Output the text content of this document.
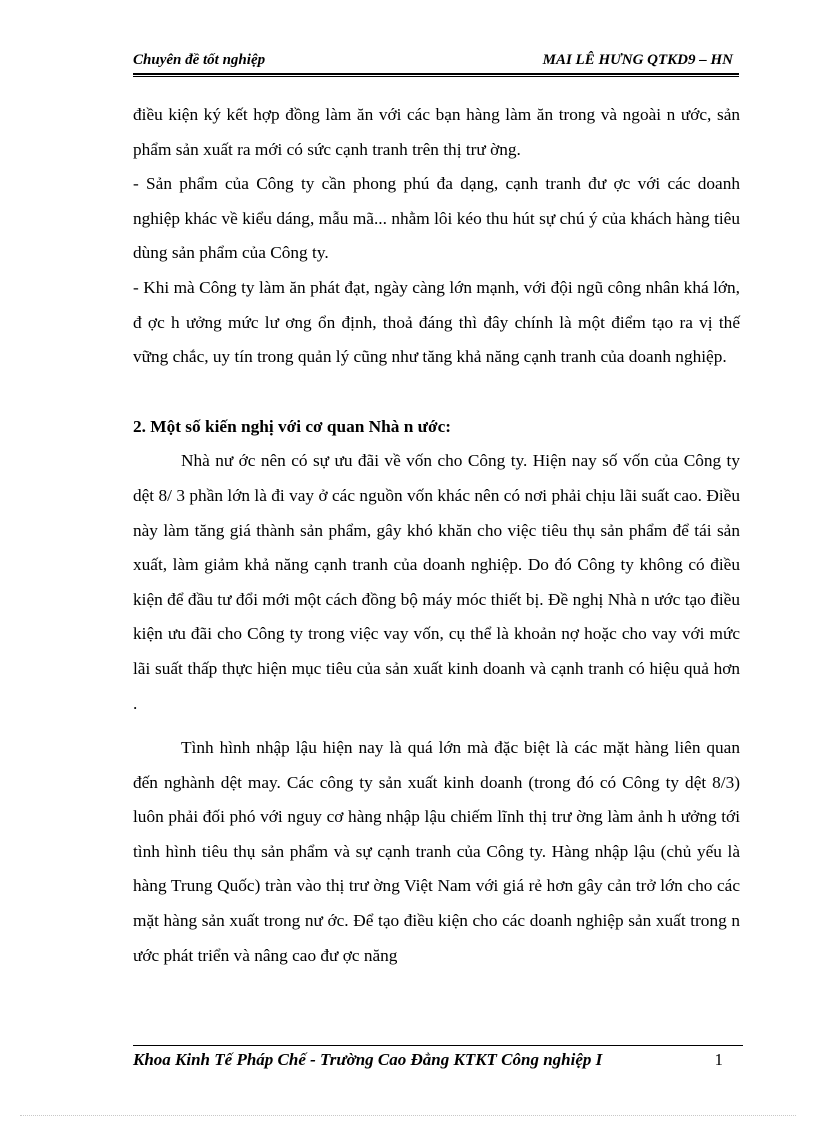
Chuyên đề tốt nghiệp	MAI LÊ HƯNG QTKD9 – HN

điều kiện ký kết hợp đồng làm ăn với các bạn hàng làm ăn trong và ngoài n ước, sản phẩm sản xuất ra mới có sức cạnh tranh trên thị trư ờng.

- Sản phẩm của Công ty cần phong phú đa dạng, cạnh tranh đư ợc với các doanh nghiệp khác về kiểu dáng, mẫu mã... nhằm lôi kéo thu hút sự chú ý của khách hàng tiêu dùng sản phẩm của Công ty.

- Khi mà Công ty làm ăn phát đạt, ngày càng lớn mạnh, với đội ngũ công nhân khá lớn, đ ợc h ưởng mức lư ơng ổn định, thoả đáng thì đây chính là một điểm tạo ra vị thế vững chắc, uy tín trong quản lý cũng như tăng khả năng cạnh tranh của doanh nghiệp.

2. Một số kiến nghị với cơ quan Nhà n ước:

Nhà nư ớc nên có sự ưu đãi về vốn cho Công ty. Hiện nay số vốn của Công ty dệt 8/ 3 phần lớn là đi vay ở các nguồn vốn khác nên có nơi phải chịu lãi suất cao. Điều này làm tăng giá thành sản phẩm, gây khó khăn cho việc tiêu thụ sản phẩm để tái sản xuất, làm giảm khả năng cạnh tranh của doanh nghiệp. Do đó Công ty không có điều kiện để đầu tư đổi mới một cách đồng bộ máy móc thiết bị. Đề nghị Nhà n ước tạo điều kiện ưu đãi cho Công ty trong việc vay vốn, cụ thể là khoản nợ hoặc cho vay với mức lãi suất thấp thực hiện mục tiêu của sản xuất kinh doanh và cạnh tranh có hiệu quả hơn .

Tình hình nhập lậu hiện nay là quá lớn mà đặc biệt là các mặt hàng liên quan đến nghành dệt may. Các công ty sản xuất kinh doanh (trong đó có Công ty dệt 8/3) luôn phải đối phó với nguy cơ hàng nhập lậu chiếm lĩnh thị trư ờng làm ảnh h ưởng tới tình hình tiêu thụ sản phẩm và sự cạnh tranh của Công ty. Hàng nhập lậu (chủ yếu là hàng Trung Quốc) tràn vào thị trư ờng Việt Nam với giá rẻ hơn gây cản trở lớn cho các mặt hàng sản xuất trong nư ớc. Để tạo điều kiện cho các doanh nghiệp sản xuất trong n ước phát triển và nâng cao đư ợc năng

Khoa Kinh Tế Pháp Chế - Trường Cao Đẳng KTKT Công nghiệp I	1
